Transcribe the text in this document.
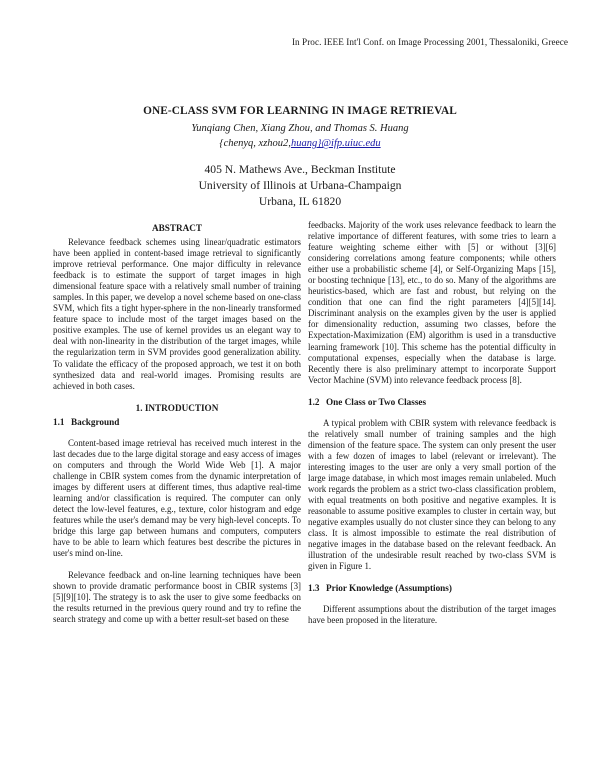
In Proc. IEEE Int'l Conf. on Image Processing 2001, Thessaloniki, Greece
ONE-CLASS SVM FOR LEARNING IN IMAGE RETRIEVAL
Yunqiang Chen, Xiang Zhou, and Thomas S. Huang
{chenyq, xzhou2,huang}@ifp.uiuc.edu
405 N. Mathews Ave., Beckman Institute
University of Illinois at Urbana-Champaign
Urbana, IL 61820
ABSTRACT

Relevance feedback schemes using linear/quadratic estimators have been applied in content-based image retrieval to significantly improve retrieval performance. One major difficulty in relevance feedback is to estimate the support of target images in high dimensional feature space with a relatively small number of training samples. In this paper, we develop a novel scheme based on one-class SVM, which fits a tight hyper-sphere in the non-linearly transformed feature space to include most of the target images based on the positive examples. The use of kernel provides us an elegant way to deal with non-linearity in the distribution of the target images, while the regularization term in SVM provides good generalization ability. To validate the efficacy of the proposed approach, we test it on both synthesized data and real-world images. Promising results are achieved in both cases.

1. INTRODUCTION
1.1 Background

Content-based image retrieval has received much interest in the last decades due to the large digital storage and easy access of images on computers and through the World Wide Web [1]. A major challenge in CBIR system comes from the dynamic interpretation of images by different users at different times, thus adaptive real-time learning and/or classification is required. The computer can only detect the low-level features, e.g., texture, color histogram and edge features while the user's demand may be very high-level concepts. To bridge this large gap between humans and computers, computers have to be able to learn which features best describe the pictures in user's mind on-line.

Relevance feedback and on-line learning techniques have been shown to provide dramatic performance boost in CBIR systems [3][5][9][10]. The strategy is to ask the user to give some feedbacks on the results returned in the previous query round and try to refine the search strategy and come up with a better result-set based on these

feedbacks. Majority of the work uses relevance feedback to learn the relative importance of different features, with some tries to learn a feature weighting scheme either with [5] or without [3][6] considering correlations among feature components; while others either use a probabilistic scheme [4], or Self-Organizing Maps [15], or boosting technique [13], etc., to do so. Many of the algorithms are heuristics-based, which are fast and robust, but relying on the condition that one can find the right parameters [4][5][14]. Discriminant analysis on the examples given by the user is applied for dimensionality reduction, assuming two classes, before the Expectation-Maximization (EM) algorithm is used in a transductive learning framework [10]. This scheme has the potential difficulty in computational expenses, especially when the database is large. Recently there is also preliminary attempt to incorporate Support Vector Machine (SVM) into relevance feedback process [8].

1.2 One Class or Two Classes

A typical problem with CBIR system with relevance feedback is the relatively small number of training samples and the high dimension of the feature space. The system can only present the user with a few dozen of images to label (relevant or irrelevant). The interesting images to the user are only a very small portion of the large image database, in which most images remain unlabeled. Much work regards the problem as a strict two-class classification problem, with equal treatments on both positive and negative examples. It is reasonable to assume positive examples to cluster in certain way, but negative examples usually do not cluster since they can belong to any class. It is almost impossible to estimate the real distribution of negative images in the database based on the relevant feedback. An illustration of the undesirable result reached by two-class SVM is given in Figure 1.

1.3 Prior Knowledge (Assumptions)

Different assumptions about the distribution of the target images have been proposed in the literature.
